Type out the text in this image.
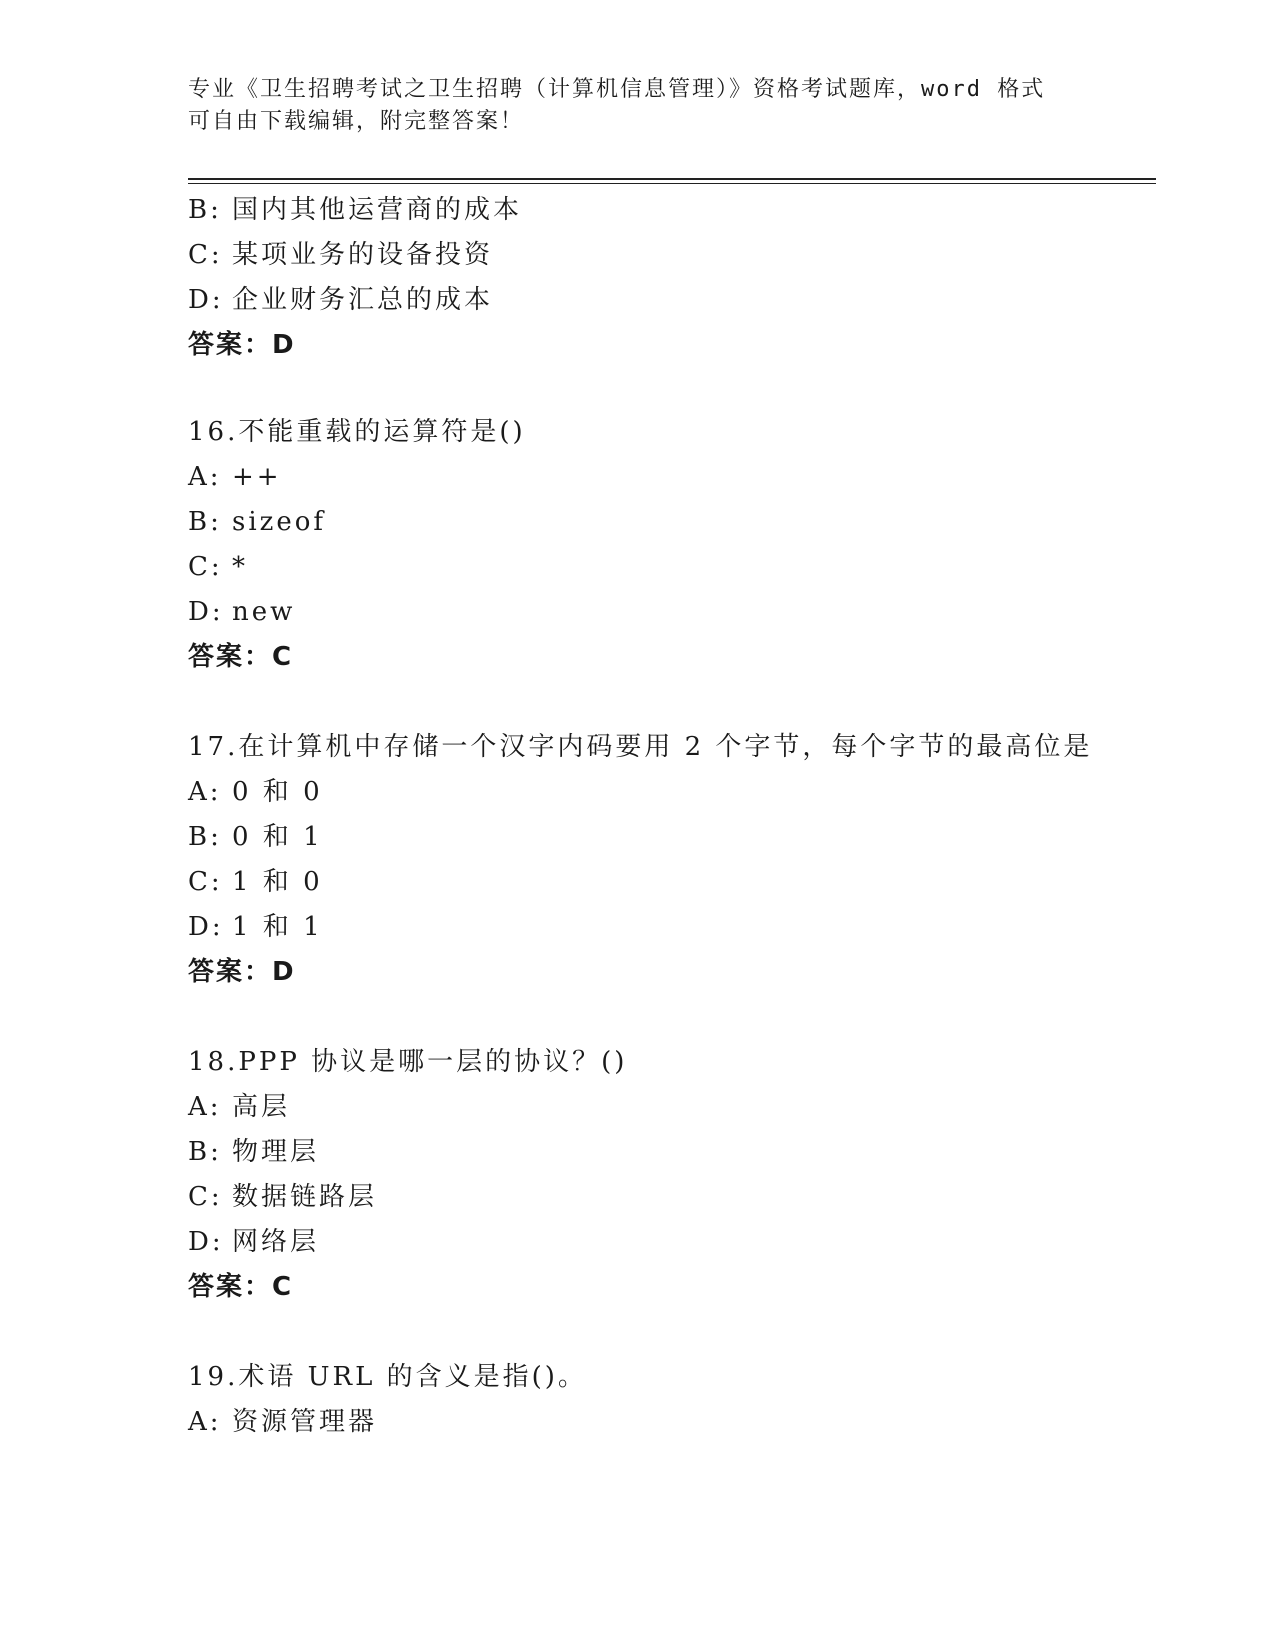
专业《卫生招聘考试之卫生招聘（计算机信息管理）》资格考试题库，word 格式
可自由下载编辑，附完整答案！
B: 国内其他运营商的成本
C: 某项业务的设备投资
D: 企业财务汇总的成本
答案：D
16.不能重载的运算符是()
A: ++
B: sizeof
C: *
D: new
答案：C
17.在计算机中存储一个汉字内码要用 2 个字节，每个字节的最高位是
A: 0 和 0
B: 0 和 1
C: 1 和 0
D: 1 和 1
答案：D
18.PPP 协议是哪一层的协议？()
A: 高层
B: 物理层
C: 数据链路层
D: 网络层
答案：C
19.术语 URL 的含义是指()。
A: 资源管理器
